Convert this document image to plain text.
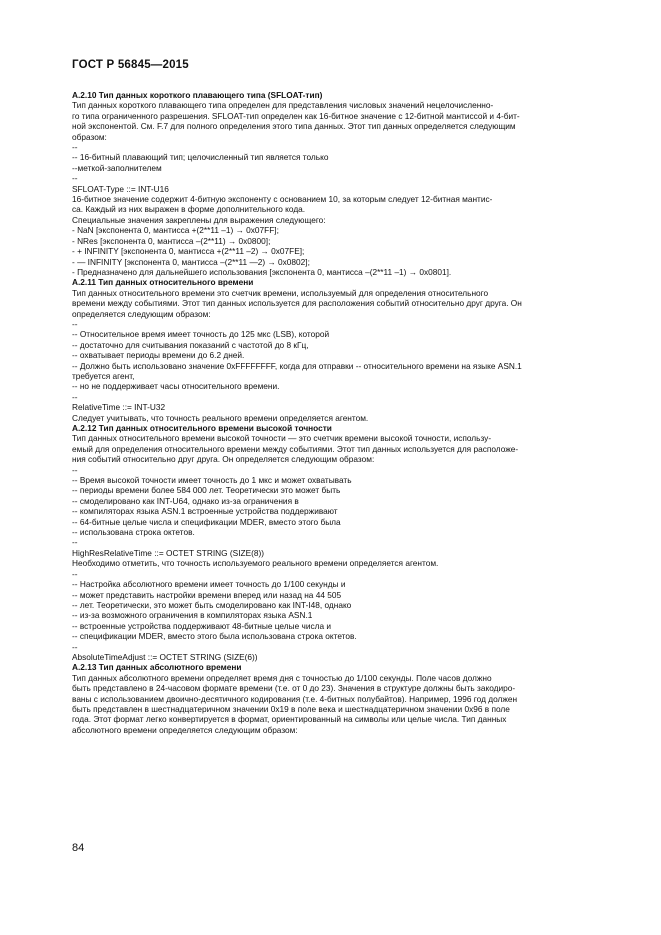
ГОСТ Р 56845—2015
А.2.10 Тип данных короткого плавающего типа (SFLOAT-тип)
Тип данных короткого плавающего типа определен для представления числовых значений нецелочисленно-
го типа ограниченного разрешения. SFLOAT-тип определен как 16-битное значение с 12-битной мантиссой и 4-бит-
ной экспонентой. См. F.7 для полного определения этого типа данных. Этот тип данных определяется следующим
образом:
--
-- 16-битный плавающий тип; целочисленный тип является только
--меткой-заполнителем
--
SFLOAT-Type ::= INT-U16
16-битное значение содержит 4-битную экспоненту с основанием 10, за которым следует 12-битная мантис-
са. Каждый из них выражен в форме дополнительного кода.
Специальные значения закреплены для выражения следующего:
- NaN [экспонента 0, мантисса +(2**11 –1) → 0x07FF];
- NRes [экспонента 0, мантисса –(2**11) → 0x0800];
- + INFINITY [экспонента 0, мантисса +(2**11 –2) → 0x07FE];
- — INFINITY [экспонента 0, мантисса –(2**11 —2) → 0x0802];
- Предназначено для дальнейшего использования [экспонента 0, мантисса –(2**11 –1) → 0x0801].
А.2.11 Тип данных относительного времени
Тип данных относительного времени это счетчик времени, используемый для определения относительного
времени между событиями. Этот тип данных используется для расположения событий относительно друг друга. Он
определяется следующим образом:
--
-- Относительное время имеет точность до 125 мкс (LSB), которой
-- достаточно для считывания показаний с частотой до 8 кГц,
-- охватывает периоды времени до 6.2 дней.
-- Должно быть использовано значение 0xFFFFFFFF, когда для отправки -- относительного времени на языке ASN.1
требуется агент,
-- но не поддерживает часы относительного времени.
--
RelativeTime ::= INT-U32
Следует учитывать, что точность реального времени определяется агентом.
А.2.12 Тип данных относительного времени высокой точности
Тип данных относительного времени высокой точности — это счетчик времени высокой точности, использу-
емый для определения относительного времени между событиями. Этот тип данных используется для расположе-
ния событий относительно друг друга. Он определяется следующим образом:
--
-- Время высокой точности имеет точность до 1 мкс и может охватывать
-- периоды времени более 584 000 лет. Теоретически это может быть
-- смоделировано как INT-U64, однако из-за ограничения в
-- компиляторах языка ASN.1 встроенные устройства поддерживают
-- 64-битные целые числа и спецификации MDER, вместо этого была
-- использована строка октетов.
--
HighResRelativeTime ::= OCTET STRING (SIZE(8))
Необходимо отметить, что точность используемого реального времени определяется агентом.
--
-- Настройка абсолютного времени имеет точность до 1/100 секунды и
-- может представить настройки времени вперед или назад на 44 505
-- лет. Теоретически, это может быть смоделировано как INT-I48, однако
-- из-за возможного ограничения в компиляторах языка ASN.1
-- встроенные устройства поддерживают 48-битные целые числа и
-- спецификации MDER, вместо этого была использована строка октетов.
--
AbsoluteTimeAdjust ::= OCTET STRING (SIZE(6))
А.2.13 Тип данных абсолютного времени
Тип данных абсолютного времени определяет время дня с точностью до 1/100 секунды. Поле часов должно
быть представлено в 24-часовом формате времени (т.е. от 0 до 23). Значения в структуре должны быть закодиро-
ваны с использованием двоично-десятичного кодирования (т.е. 4-битных полубайтов). Например, 1996 год должен
быть представлен в шестнадцатеричном значении 0x19 в поле века и шестнадцатеричном значении 0x96 в поле
года. Этот формат легко конвертируется в формат, ориентированный на символы или целые числа. Тип данных
абсолютного времени определяется следующим образом:
84
